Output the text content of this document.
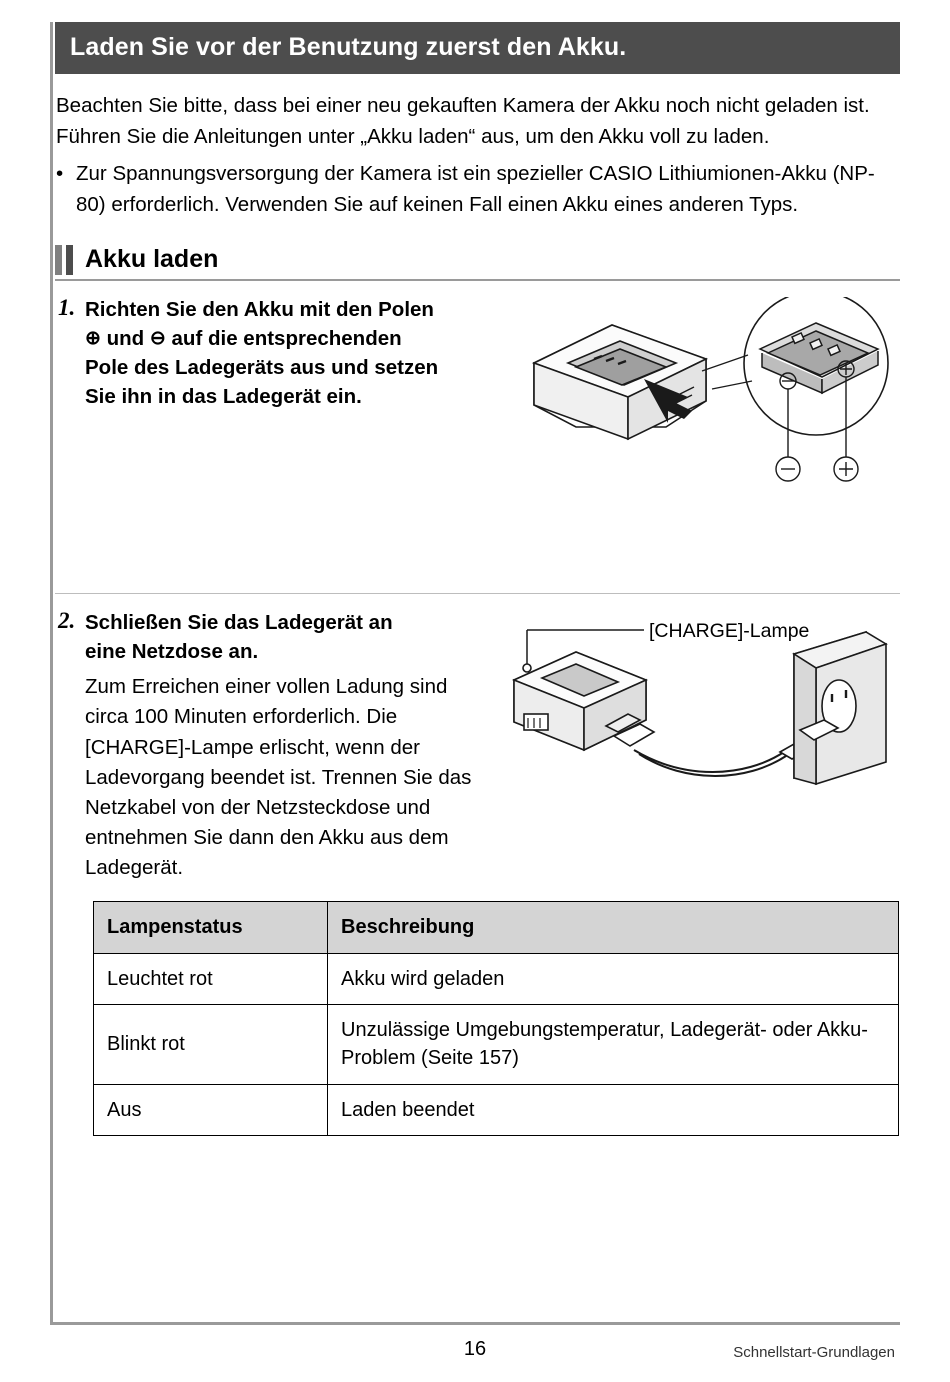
Laden Sie vor der Benutzung zuerst den Akku.
Beachten Sie bitte, dass bei einer neu gekauften Kamera der Akku noch nicht geladen ist. Führen Sie die Anleitungen unter „Akku laden“ aus, um den Akku voll zu laden.
• Zur Spannungsversorgung der Kamera ist ein spezieller CASIO Lithiumionen-Akku (NP-80) erforderlich. Verwenden Sie auf keinen Fall einen Akku eines anderen Typs.
Akku laden
1. Richten Sie den Akku mit den Polen
⊕ und ⊖ auf die entsprechenden
Pole des Ladegeräts aus und setzen
Sie ihn in das Ladegerät ein.
2. Schließen Sie das Ladegerät an
eine Netzdose an.
Zum Erreichen einer vollen Ladung sind circa 100 Minuten erforderlich. Die [CHARGE]-Lampe erlischt, wenn der Ladevorgang beendet ist. Trennen Sie das Netzkabel von der Netzsteckdose und entnehmen Sie dann den Akku aus dem Ladegerät.
[CHARGE]-Lampe
Lampenstatus	Beschreibung
Leuchtet rot	Akku wird geladen
Blinkt rot	Unzulässige Umgebungstemperatur, Ladegerät- oder Akku-Problem (Seite 157)
Aus	Laden beendet
16	Schnellstart-Grundlagen
